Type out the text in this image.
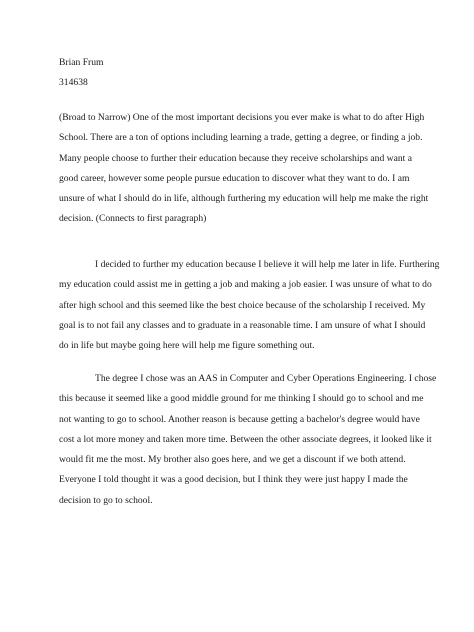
Brian Frum
314638
(Broad to Narrow) One of the most important decisions you ever make is what to do after High
School. There are a ton of options including learning a trade, getting a degree, or finding a job.
Many people choose to further their education because they receive scholarships and want a
good career, however some people pursue education to discover what they want to do. I am
unsure of what I should do in life, although furthering my education will help me make the right
decision. (Connects to first paragraph)
I decided to further my education because I believe it will help me later in life. Furthering
my education could assist me in getting a job and making a job easier. I was unsure of what to do
after high school and this seemed like the best choice because of the scholarship I received. My
goal is to not fail any classes and to graduate in a reasonable time. I am unsure of what I should
do in life but maybe going here will help me figure something out.
The degree I chose was an AAS in Computer and Cyber Operations Engineering. I chose
this because it seemed like a good middle ground for me thinking I should go to school and me
not wanting to go to school. Another reason is because getting a bachelor's degree would have
cost a lot more money and taken more time. Between the other associate degrees, it looked like it
would fit me the most. My brother also goes here, and we get a discount if we both attend.
Everyone I told thought it was a good decision, but I think they were just happy I made the
decision to go to school.
